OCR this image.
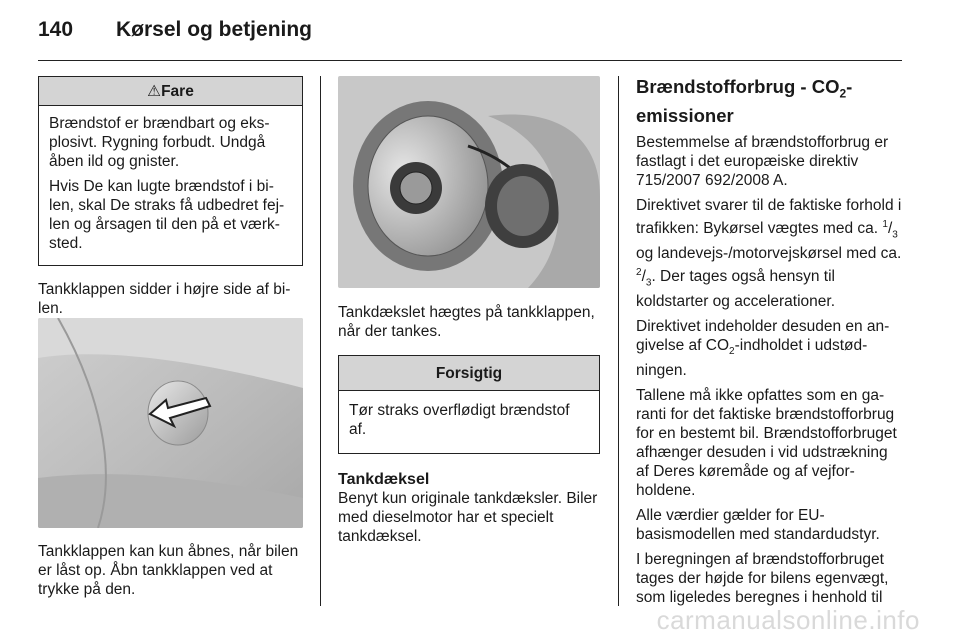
140 Kørsel og betjening
⚠Fare

Brændstof er brændbart og eksplosivt. Rygning forbudt. Undgå åben ild og gnister.

Hvis De kan lugte brændstof i bilen, skal De straks få udbedret fejlen og årsagen til den på et værksted.

Tankklappen sidder i højre side af bilen.

Tankklappen kan kun åbnes, når bilen er låst op. Åbn tankklappen ved at trykke på den.

Tankdækslet hægtes på tankklappen, når der tankes.

Forsigtig

Tør straks overflødigt brændstof af.

Tankdæksel

Benyt kun originale tankdæksler. Biler med dieselmotor har et specielt tankdæksel.

Brændstofforbrug - $CO_2-$
emissioner

Bestemmelse af brændstofforbrug er fastlagt i det europæiske direktiv 715/2007 692/2008 A.

Direktivet svarer til de faktiske forhold i trafikken: Bykørsel vægtes med ca. $^1/_3$ og landevejs-/motorvejskørsel med ca. $^2/_3$. Der tages også hensyn til koldstarter og accelerationer.

Direktivet indeholder desuden en angivelse af $CO_2$-indholdet i udstødningen.

Tallene må ikke opfattes som en garanti for det faktiske brændstofforbrug for en bestemt bil. Brændstofforbruget afhænger desuden i vid udstrækning af Deres køremåde og af vejforholdene.

Alle værdier gælder for EU-basismodellen med standardudstyr.

I beregningen af brændstofforbruget tages der højde for bilens egenvægt, som ligeledes beregnes i henhold til

carmanualsonline.info
